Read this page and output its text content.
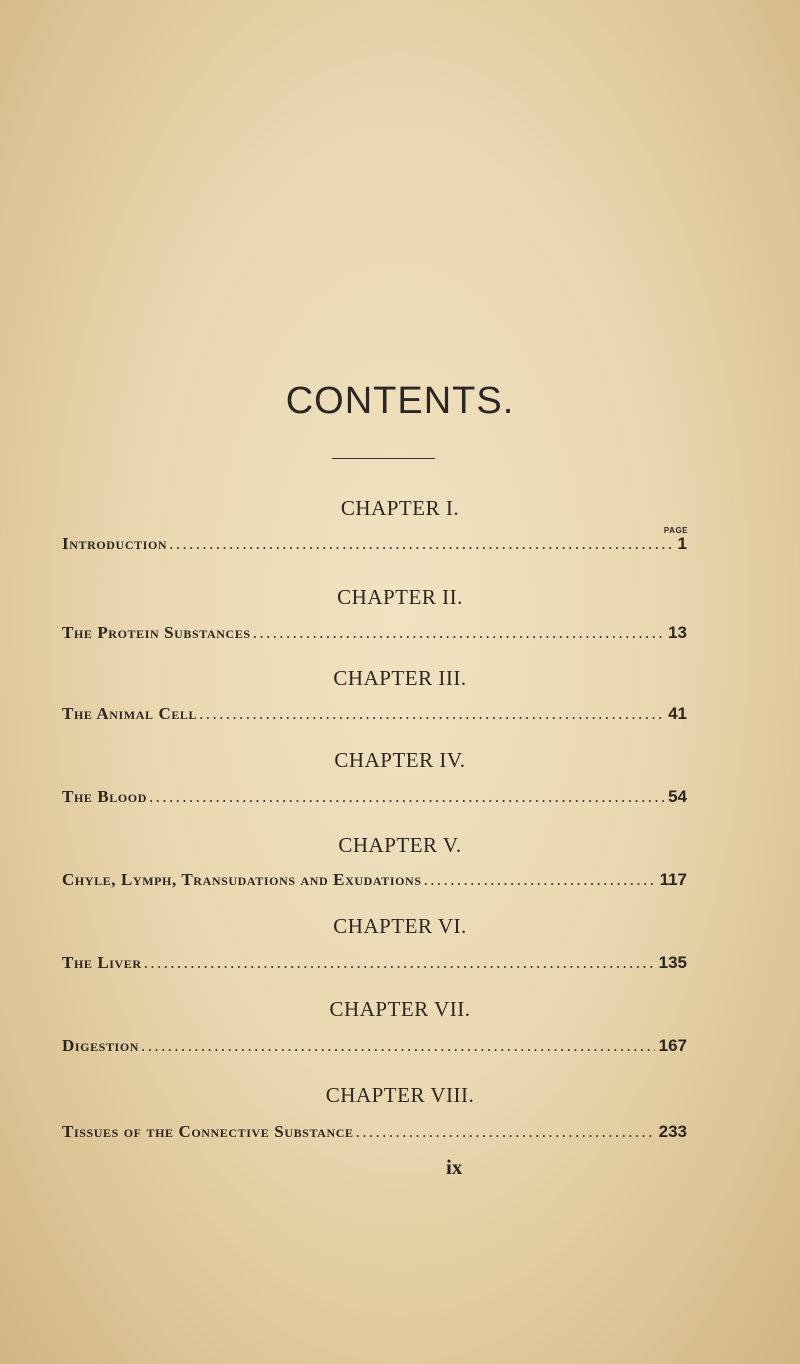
CONTENTS.
PAGE
CHAPTER I.
Introduction .....	1
CHAPTER II.
The Protein Substances .....	13
CHAPTER III.
The Animal Cell .....	41
CHAPTER IV.
The Blood .....	54
CHAPTER V.
Chyle, Lymph, Transudations and Exudations .....	117
CHAPTER VI.
The Liver .....	135
CHAPTER VII.
Digestion .....	167
CHAPTER VIII.
Tissues of the Connective Substance .....	233
ix
